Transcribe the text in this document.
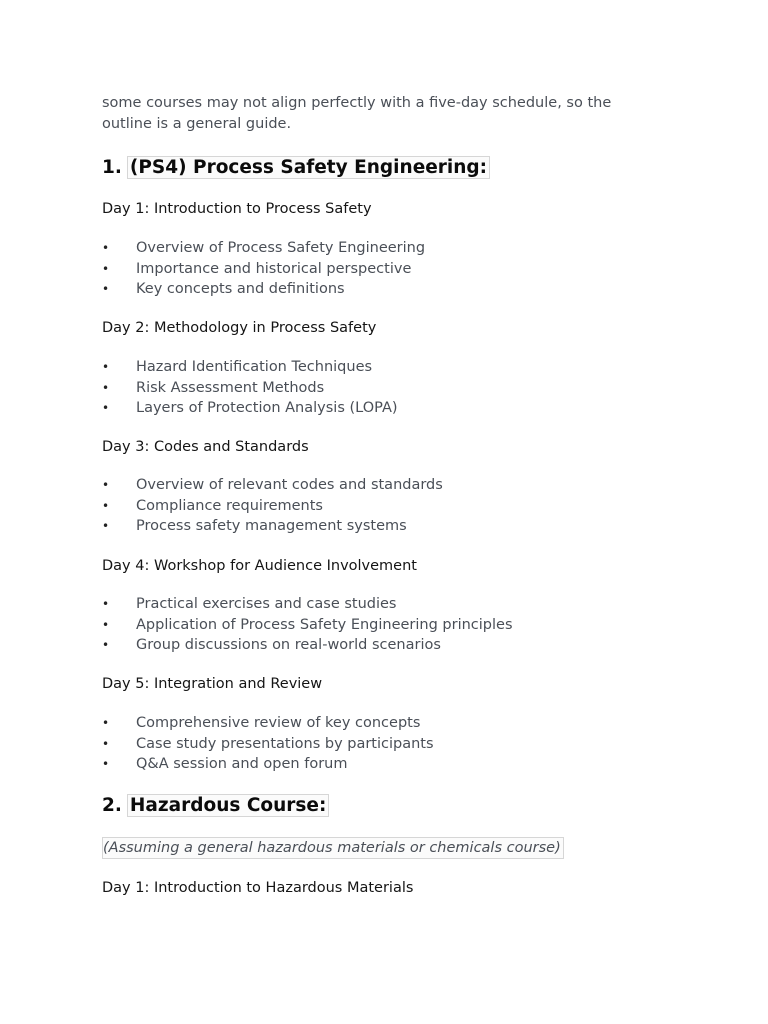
some courses may not align perfectly with a five-day schedule, so the outline is a general guide.

1. (PS4) Process Safety Engineering:

Day 1: Introduction to Process Safety

• Overview of Process Safety Engineering
• Importance and historical perspective
• Key concepts and definitions

Day 2: Methodology in Process Safety

• Hazard Identification Techniques
• Risk Assessment Methods
• Layers of Protection Analysis (LOPA)

Day 3: Codes and Standards

• Overview of relevant codes and standards
• Compliance requirements
• Process safety management systems

Day 4: Workshop for Audience Involvement

• Practical exercises and case studies
• Application of Process Safety Engineering principles
• Group discussions on real-world scenarios

Day 5: Integration and Review

• Comprehensive review of key concepts
• Case study presentations by participants
• Q&A session and open forum
2. Hazardous Course:
(Assuming a general hazardous materials or chemicals course)

Day 1: Introduction to Hazardous Materials
